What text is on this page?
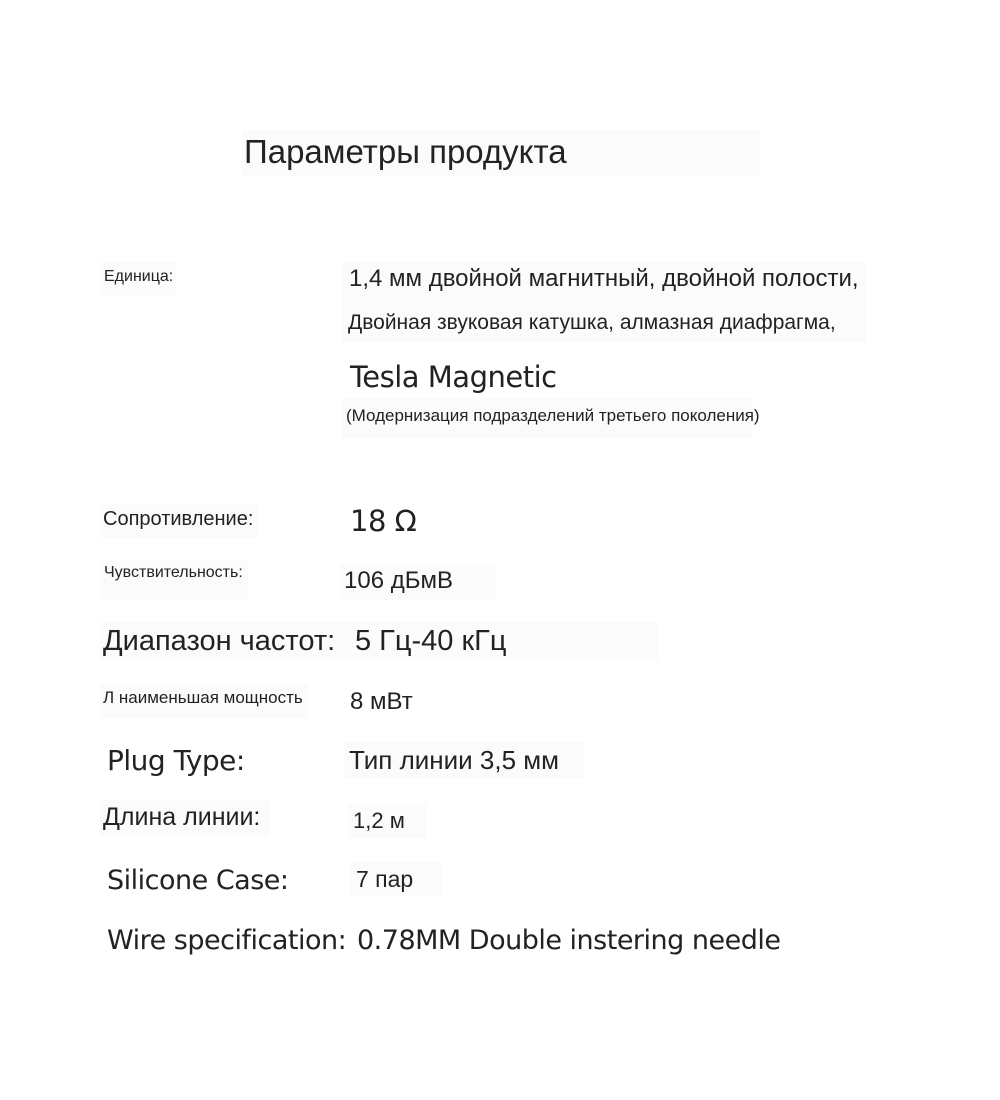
Параметры продукта
Единица:	1,4 мм двойной магнитный, двойной полости,
Двойная звуковая катушка, алмазная диафрагма,
Tesla Magnetic
(Модернизация подразделений третьего поколения)
Сопротивление:	18 Ω
Чувствительность:	106 дБмВ
Диапазон частот: 5 Гц-40 кГц
Л наименьшая мощность 8 мВт
Plug Type:	Тип линии 3,5 мм
Длина линии:	1,2 м
Silicone Case:	7 пар
Wire specification: 0.78MM Double instering needle
